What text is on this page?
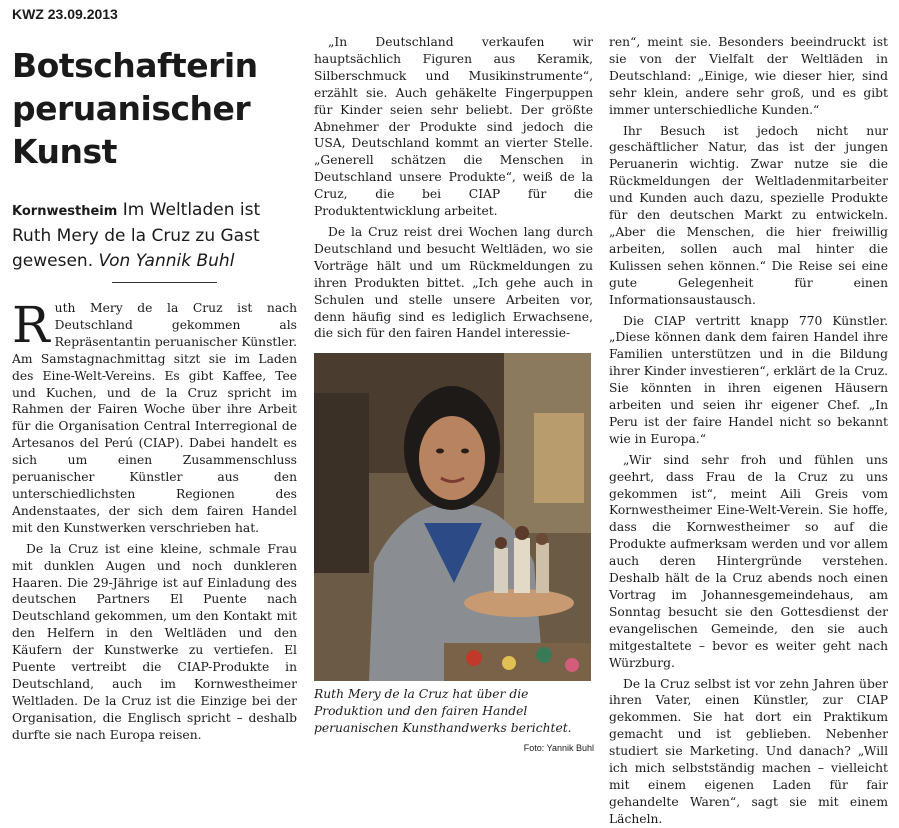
KWZ 23.09.2013
Botschafterin peruanischer Kunst
Kornwestheim Im Weltladen ist Ruth Mery de la Cruz zu Gast gewesen. Von Yannik Buhl

Ruth Mery de la Cruz ist nach Deutschland gekommen als Repräsentantin peruanischer Künstler. Am Samstagnachmittag sitzt sie im Laden des Eine-Welt-Vereins. Es gibt Kaffee, Tee und Kuchen, und de la Cruz spricht im Rahmen der Fairen Woche über ihre Arbeit für die Organisation Central Interregional de Artesanos del Perú (CIAP). Dabei handelt es sich um einen Zusammenschluss peruanischer Künstler aus den unterschiedlichsten Regionen des Andenstaates, der sich dem fairen Handel mit den Kunstwerken verschrieben hat.

De la Cruz ist eine kleine, schmale Frau mit dunklen Augen und noch dunkleren Haaren. Die 29-Jährige ist auf Einladung des deutschen Partners El Puente nach Deutschland gekommen, um den Kontakt mit den Helfern in den Weltläden und den Käufern der Kunstwerke zu vertiefen. El Puente vertreibt die CIAP-Produkte in Deutschland, auch im Kornwestheimer Weltladen. De la Cruz ist die Einzige bei der Organisation, die Englisch spricht – deshalb durfte sie nach Europa reisen.

„In Deutschland verkaufen wir hauptsächlich Figuren aus Keramik, Silberschmuck und Musikinstrumente“, erzählt sie. Auch gehäkelte Fingerpuppen für Kinder seien sehr beliebt. Der größte Abnehmer der Produkte sind jedoch die USA, Deutschland kommt an vierter Stelle. „Generell schätzen die Menschen in Deutschland unsere Produkte“, weiß de la Cruz, die bei CIAP für die Produktentwicklung arbeitet.

De la Cruz reist drei Wochen lang durch Deutschland und besucht Weltläden, wo sie Vorträge hält und um Rückmeldungen zu ihren Produkten bittet. „Ich gehe auch in Schulen und stelle unsere Arbeiten vor, denn häufig sind es lediglich Erwachsene, die sich für den fairen Handel interessie-

Ruth Mery de la Cruz hat über die Produktion und den fairen Handel peruanischen Kunsthandwerks berichtet.
Foto: Yannik Buhl

ren“, meint sie. Besonders beeindruckt ist sie von der Vielfalt der Weltläden in Deutschland: „Einige, wie dieser hier, sind sehr klein, andere sehr groß, und es gibt immer unterschiedliche Kunden.“

Ihr Besuch ist jedoch nicht nur geschäftlicher Natur, das ist der jungen Peruanerin wichtig. Zwar nutze sie die Rückmeldungen der Weltladenmitarbeiter und Kunden auch dazu, spezielle Produkte für den deutschen Markt zu entwickeln. „Aber die Menschen, die hier freiwillig arbeiten, sollen auch mal hinter die Kulissen sehen können.“ Die Reise sei eine gute Gelegenheit für einen Informationsaustausch.

Die CIAP vertritt knapp 770 Künstler. „Diese können dank dem fairen Handel ihre Familien unterstützen und in die Bildung ihrer Kinder investieren“, erklärt de la Cruz. Sie könnten in ihren eigenen Häusern arbeiten und seien ihr eigener Chef. „In Peru ist der faire Handel nicht so bekannt wie in Europa.“

„Wir sind sehr froh und fühlen uns geehrt, dass Frau de la Cruz zu uns gekommen ist“, meint Aili Greis vom Kornwestheimer Eine-Welt-Verein. Sie hoffe, dass die Kornwestheimer so auf die Produkte aufmerksam werden und vor allem auch deren Hintergründe verstehen. Deshalb hält de la Cruz abends noch einen Vortrag im Johannesgemeindehaus, am Sonntag besucht sie den Gottesdienst der evangelischen Gemeinde, den sie auch mitgestaltete – bevor es weiter geht nach Würzburg.

De la Cruz selbst ist vor zehn Jahren über ihren Vater, einen Künstler, zur CIAP gekommen. Sie hat dort ein Praktikum gemacht und ist geblieben. Nebenher studiert sie Marketing. Und danach? „Will ich mich selbstständig machen – vielleicht mit einem eigenen Laden für fair gehandelte Waren“, sagt sie mit einem Lächeln.
